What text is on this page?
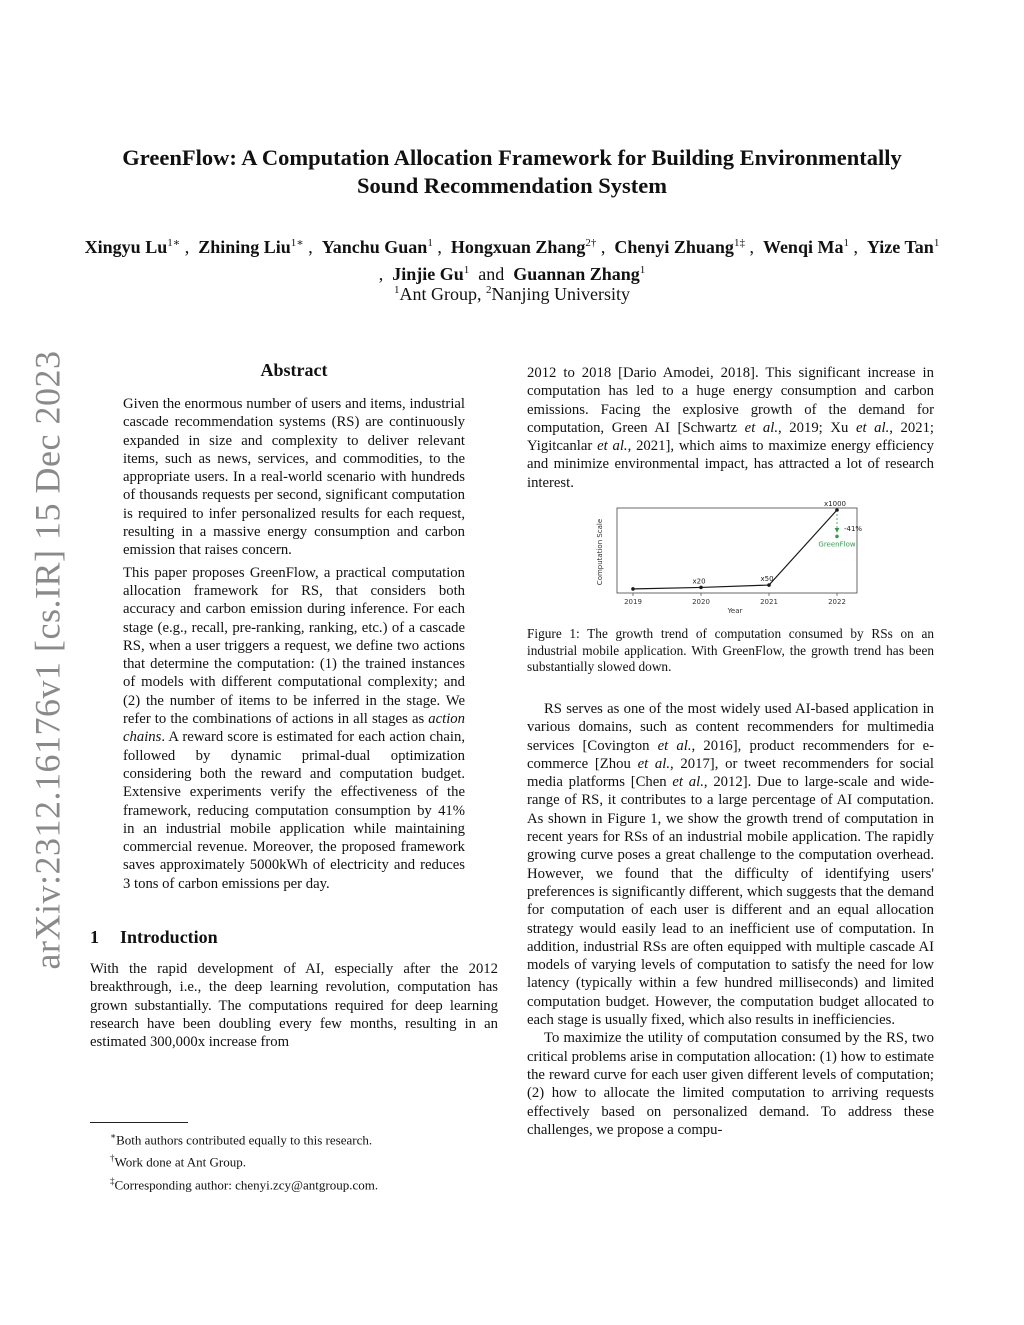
arXiv:2312.16176v1 [cs.IR] 15 Dec 2023
GreenFlow: A Computation Allocation Framework for Building Environmentally
Sound Recommendation System
Xingyu $Lu^{1∗}$ ,  Zhining Liu$^{1∗}$ ,  Yanchu Guan$^1$ ,  Hongxuan Zhang$^{2\dagger}$ ,  Chenyi Zhuang$^{1\ddagger}$ ,  Wenqi Ma$^1$ ,  Yize Tan$^1$ ,  Jinjie Gu$^1$  and  Guannan Zhang$^1$
$^1$Ant Group, $^2$Nanjing University
Abstract

Given the enormous number of users and items, industrial cascade recommendation systems (RS) are continuously expanded in size and complexity to deliver relevant items, such as news, services, and commodities, to the appropriate users. In a real-world scenario with hundreds of thousands requests per second, significant computation is required to infer personalized results for each request, resulting in a massive energy consumption and carbon emission that raises concern.

This paper proposes GreenFlow, a practical computation allocation framework for RS, that considers both accuracy and carbon emission during inference. For each stage (e.g., recall, pre-ranking, ranking, etc.) of a cascade RS, when a user triggers a request, we define two actions that determine the computation: (1) the trained instances of models with different computational complexity; and (2) the number of items to be inferred in the stage. We refer to the combinations of actions in all stages as action chains. A reward score is estimated for each action chain, followed by dynamic primal-dual optimization considering both the reward and computation budget. Extensive experiments verify the effectiveness of the framework, reducing computation consumption by 41% in an industrial mobile application while maintaining commercial revenue. Moreover, the proposed framework saves approximately 5000kWh of electricity and reduces 3 tons of carbon emissions per day.

1 Introduction

With the rapid development of AI, especially after the 2012 breakthrough, i.e., the deep learning revolution, computation has grown substantially. The computations required for deep learning research have been doubling every few months, resulting in an estimated 300,000x increase from

∗Both authors contributed equally to this research.
†Work done at Ant Group.
‡Corresponding author: chenyi.zcy@antgroup.com.

2012 to 2018 [Dario Amodei, 2018]. This significant increase in computation has led to a huge energy consumption and carbon emissions. Facing the explosive growth of the demand for computation, Green AI [Schwartz et al., 2019; Xu et al., 2021; Yigitcanlar et al., 2021], which aims to maximize energy efficiency and minimize environmental impact, has attracted a lot of research interest.

Computation Scale
Year
2019
x20
2020
x50
2021
x1000
2022
-41%
GreenFlow
Figure 1: The growth trend of computation consumed by RSs on an industrial mobile application. With GreenFlow, the growth trend has been substantially slowed down.

RS serves as one of the most widely used AI-based application in various domains, such as content recommenders for multimedia services [Covington et al., 2016], product recommenders for e-commerce [Zhou et al., 2017], or tweet recommenders for social media platforms [Chen et al., 2012]. Due to large-scale and wide-range of RS, it contributes to a large percentage of AI computation. As shown in Figure 1, we show the growth trend of computation in recent years for RSs of an industrial mobile application. The rapidly growing curve poses a great challenge to the computation overhead. However, we found that the difficulty of identifying users' preferences is significantly different, which suggests that the demand for computation of each user is different and an equal allocation strategy would easily lead to an inefficient use of computation. In addition, industrial RSs are often equipped with multiple cascade AI models of varying levels of computation to satisfy the need for low latency (typically within a few hundred milliseconds) and limited computation budget. However, the computation budget allocated to each stage is usually fixed, which also results in inefficiencies.

To maximize the utility of computation consumed by the RS, two critical problems arise in computation allocation: (1) how to estimate the reward curve for each user given different levels of computation; (2) how to allocate the limited computation to arriving requests effectively based on personalized demand. To address these challenges, we propose a compu-
